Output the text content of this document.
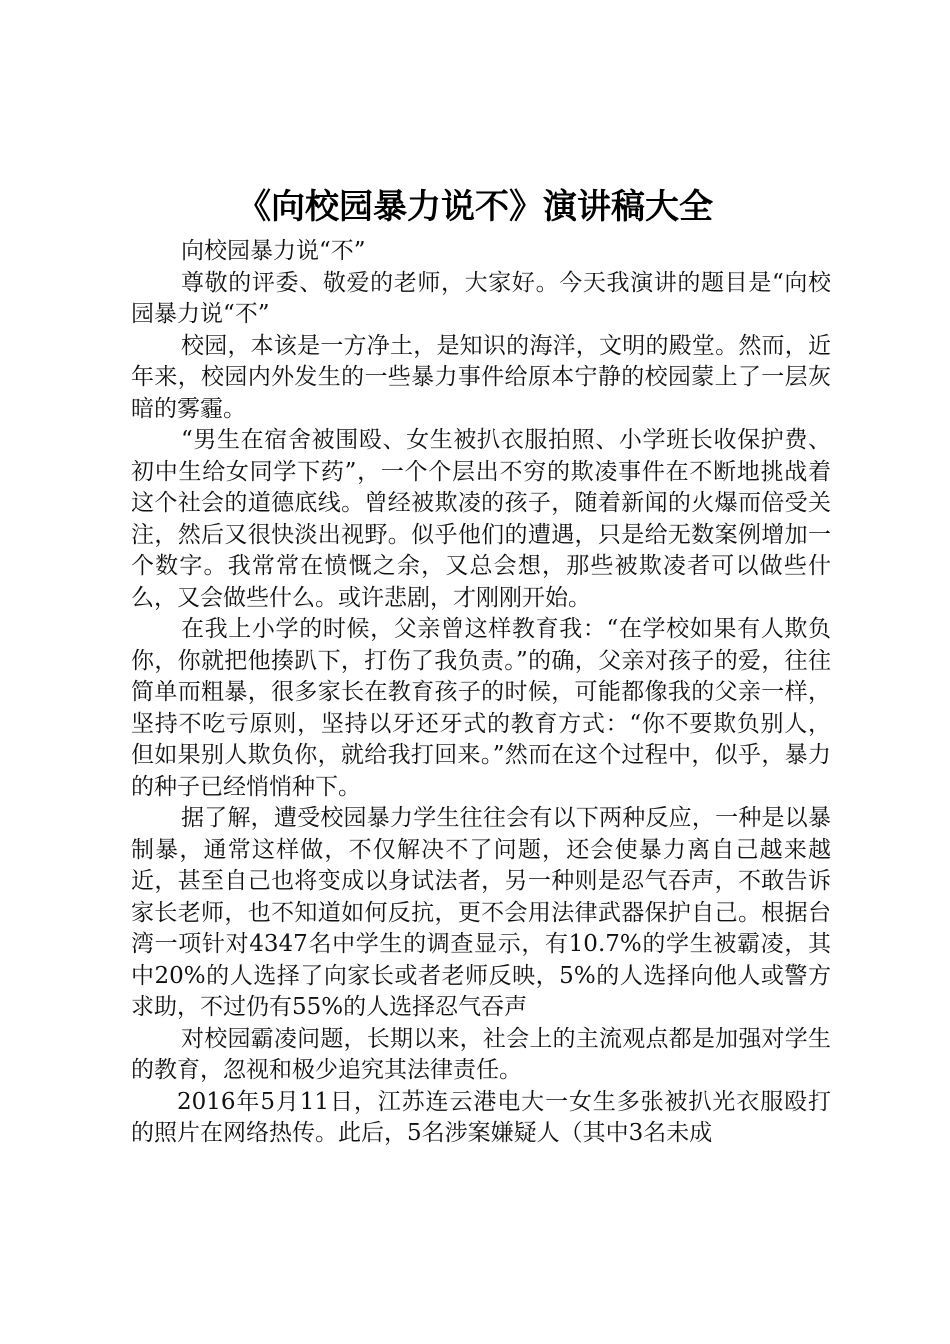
《向校园暴力说不》演讲稿大全

向校园暴力说“不”

尊敬的评委、敬爱的老师，大家好。今天我演讲的题目是“向校园暴力说“不”

校园，本该是一方净土，是知识的海洋，文明的殿堂。然而，近年来，校园内外发生的一些暴力事件给原本宁静的校园蒙上了一层灰暗的雾霾。

“男生在宿舍被围殴、女生被扒衣服拍照、小学班长收保护费、初中生给女同学下药”，一个个层出不穷的欺凌事件在不断地挑战着这个社会的道德底线。曾经被欺凌的孩子，随着新闻的火爆而倍受关注，然后又很快淡出视野。似乎他们的遭遇，只是给无数案例增加一个数字。我常常在愤慨之余，又总会想，那些被欺凌者可以做些什么，又会做些什么。或许悲剧，才刚刚开始。

在我上小学的时候，父亲曾这样教育我：“在学校如果有人欺负你，你就把他揍趴下，打伤了我负责。”的确，父亲对孩子的爱，往往简单而粗暴，很多家长在教育孩子的时候，可能都像我的父亲一样，坚持不吃亏原则，坚持以牙还牙式的教育方式：“你不要欺负别人，但如果别人欺负你，就给我打回来。”然而在这个过程中，似乎，暴力的种子已经悄悄种下。

据了解，遭受校园暴力学生往往会有以下两种反应，一种是以暴制暴，通常这样做，不仅解决不了问题，还会使暴力离自己越来越近，甚至自己也将变成以身试法者，另一种则是忍气吞声，不敢告诉家长老师，也不知道如何反抗，更不会用法律武器保护自己。根据台湾一项针对4347名中学生的调查显示，有10.7%的学生被霸凌，其中20%的人选择了向家长或者老师反映，5%的人选择向他人或警方求助，不过仍有55%的人选择忍气吞声

对校园霸凌问题，长期以来，社会上的主流观点都是加强对学生的教育，忽视和极少追究其法律责任。

2016年5月11日，江苏连云港电大一女生多张被扒光衣服殴打的照片在网络热传。此后，5名涉案嫌疑人（其中3名未成
